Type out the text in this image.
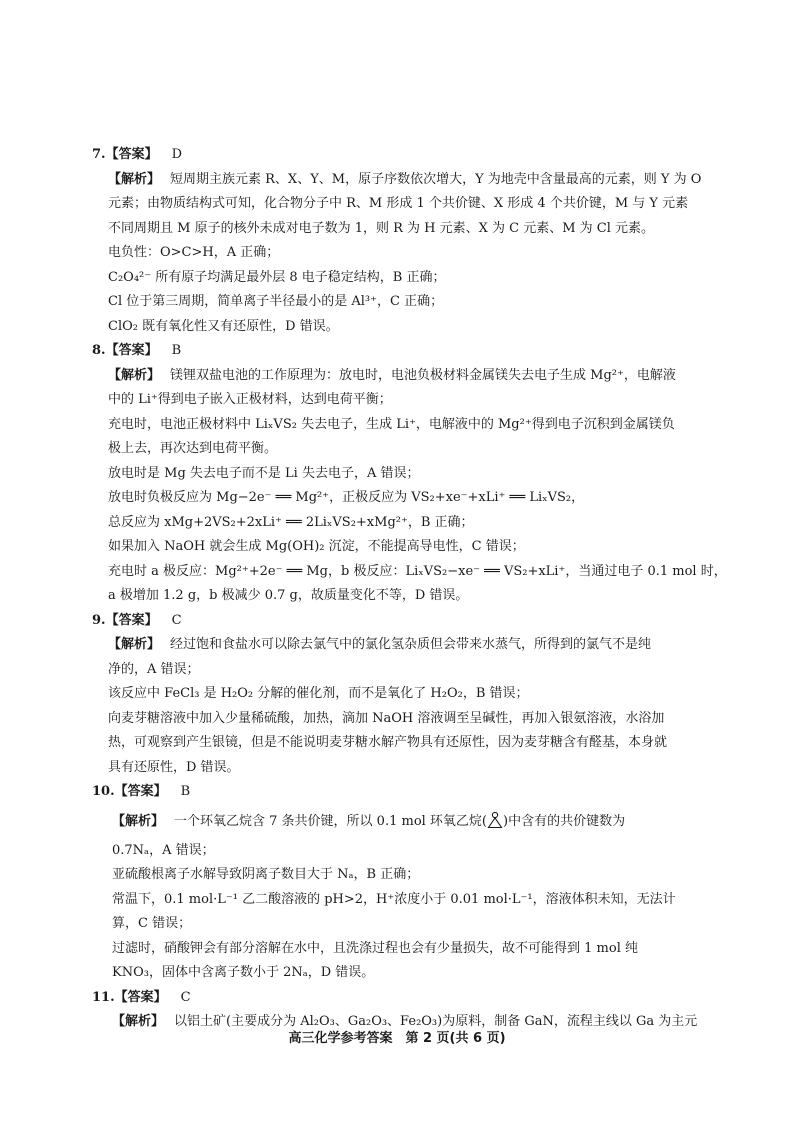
7. 【答案】 D
【解析】 短周期主族元素 R、X、Y、M，原子序数依次增大，Y 为地壳中含量最高的元素，则 Y 为 O
元素；由物质结构式可知，化合物分子中 R、M 形成 1 个共价键、X 形成 4 个共价键，M 与 Y 元素
不同周期且 M 原子的核外未成对电子数为 1，则 R 为 H 元素、X 为 C 元素、M 为 Cl 元素。
电负性：O>C>H，A 正确；
C₂O₄²⁻ 所有原子均满足最外层 8 电子稳定结构，B 正确；
Cl 位于第三周期，简单离子半径最小的是 Al³⁺，C 正确；
ClO₂ 既有氧化性又有还原性，D 错误。
8. 【答案】 B
【解析】 镁锂双盐电池的工作原理为：放电时，电池负极材料金属镁失去电子生成 Mg²⁺，电解液
中的 Li⁺得到电子嵌入正极材料，达到电荷平衡；
充电时，电池正极材料中 LiₓVS₂ 失去电子，生成 Li⁺，电解液中的 Mg²⁺得到电子沉积到金属镁负
极上去，再次达到电荷平衡。
放电时是 Mg 失去电子而不是 Li 失去电子，A 错误；
放电时负极反应为 Mg−2e⁻ ══ Mg²⁺，正极反应为 VS₂+xe⁻+xLi⁺ ══ LiₓVS₂，
总反应为 xMg+2VS₂+2xLi⁺ ══ 2LiₓVS₂+xMg²⁺，B 正确；
如果加入 NaOH 就会生成 Mg(OH)₂ 沉淀，不能提高导电性，C 错误；
充电时 a 极反应：Mg²⁺+2e⁻ ══ Mg，b 极反应：LiₓVS₂−xe⁻ ══ VS₂+xLi⁺，当通过电子 0.1 mol 时，
a 极增加 1.2 g，b 极减少 0.7 g，故质量变化不等，D 错误。
9. 【答案】 C
【解析】 经过饱和食盐水可以除去氯气中的氯化氢杂质但会带来水蒸气，所得到的氯气不是纯
净的，A 错误；
该反应中 FeCl₃ 是 H₂O₂ 分解的催化剂，而不是氧化了 H₂O₂，B 错误；
向麦芽糖溶液中加入少量稀硫酸，加热，滴加 NaOH 溶液调至呈碱性，再加入银氨溶液，水浴加
热，可观察到产生银镜，但是不能说明麦芽糖水解产物具有还原性，因为麦芽糖含有醛基，本身就
具有还原性，D 错误。
10. 【答案】 B
【解析】 一个环氧乙烷含 7 条共价键，所以 0.1 mol 环氧乙烷( )中含有的共价键数为
0.7Nₐ，A 错误；
亚硫酸根离子水解导致阴离子数目大于 Nₐ，B 正确；
常温下，0.1 mol·L⁻¹ 乙二酸溶液的 pH>2，H⁺浓度小于 0.01 mol·L⁻¹，溶液体积未知，无法计
算，C 错误；
过滤时，硝酸钾会有部分溶解在水中，且洗涤过程也会有少量损失，故不可能得到 1 mol 纯
KNO₃，固体中含离子数小于 2Nₐ，D 错误。
11. 【答案】 C
【解析】 以铝土矿(主要成分为 Al₂O₃、Ga₂O₃、Fe₂O₃)为原料，制备 GaN，流程主线以 Ga 为主元
高三化学参考答案　第 2 页(共 6 页)
